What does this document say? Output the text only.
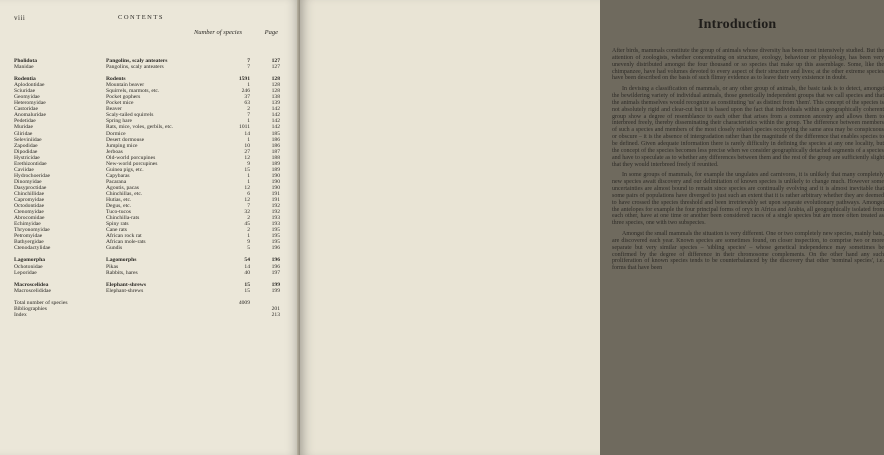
viii	CONTENTS
Number of species	Page
Pholidota	Pangolins, scaly anteaters	7	127
Manidae	Pangolins, scaly anteaters	7	127
Rodentia	Rodents	1591	128
Aplodontidae	Mountain beaver	1	128
Sciuridae	Squirrels, marmots, etc.	246	128
Geomyidae	Pocket gophers	37	138
Heteromyidae	Pocket mice	63	139
Castoridae	Beaver	2	142
Anomaluridae	Scaly-tailed squirrels	7	142
Pedetidae	Spring hare	1	142
Muridae	Rats, mice, voles, gerbils, etc.	1011	142
Gliridae	Dormice	14	185
Seleviniidae	Desert dormouse	1	186
Zapodidae	Jumping mice	10	186
Dipodidae	Jerboas	27	187
Hystricidae	Old-world porcupines	12	188
Erethizontidae	New-world porcupines	9	189
Caviidae	Guinea pigs, etc.	15	189
Hydrochoeridae	Capybaras	1	190
Dinomyidae	Pacarana	1	190
Dasyproctidae	Agoutis, pacas	12	190
Chinchillidae	Chinchillas, etc.	6	191
Capromyidae	Hutias, etc.	12	191
Octodontidae	Degus, etc.	7	192
Ctenomyidae	Tuco-tucos	32	192
Abrocomidae	Chinchilla-rats	2	193
Echimyidae	Spiny rats	45	193
Thryonomyidae	Cane rats	2	195
Petromyidae	African rock rat	1	195
Bathyergidae	African mole-rats	9	195
Ctenodactylidae	Gundis	5	196
Lagomorpha	Lagomorphs	54	196
Ochotonidae	Pikas	14	196
Leporidae	Rabbits, hares	40	197
Macroscelidea	Elephant-shrews	15	199
Macroscelididae	Elephant-shrews	15	199
Total number of species	4009
Bibliographies	201
Index	213
Introduction

After birds, mammals constitute the group of animals whose diversity has been most intensively studied. But the attention of zoologists, whether concentrating on structure, ecology, behaviour or physiology, has been very unevenly distributed amongst the four thousand or so species that make up this assemblage. Some, like the chimpanzee, have had volumes devoted to every aspect of their structure and lives; at the other extreme species have been described on the basis of such flimsy evidence as to leave their very existence in doubt.

In devising a classification of mammals, or any other group of animals, the basic task is to detect, amongst the bewildering variety of individual animals, those genetically independent groups that we call species and that the animals themselves would recognize as constituting 'us' as distinct from 'them'. This concept of the species is not absolutely rigid and clear-cut but it is based upon the fact that individuals within a geographically coherent group show a degree of resemblance to each other that arises from a common ancestry and allows them to interbreed freely, thereby disseminating their characteristics within the group. The difference between members of such a species and members of the most closely related species occupying the same area may be conspicuous or obscure – it is the absence of intergradation rather than the magnitude of the difference that enables species to be defined. Given adequate information there is rarely difficulty in defining the species at any one locality, but the concept of the species becomes less precise when we consider geographically detached segments of a species and have to speculate as to whether any differences between them and the rest of the group are sufficiently slight that they would interbreed freely if reunited.

In some groups of mammals, for example the ungulates and carnivores, it is unlikely that many completely new species await discovery and our delimitation of known species is unlikely to change much. However some uncertainties are almost bound to remain since species are continually evolving and it is almost inevitable that some pairs of populations have diverged to just such an extent that it is rather arbitrary whether they are deemed to have crossed the species threshold and been irretrievably set upon separate evolutionary pathways. Amongst the antelopes for example the four principal forms of oryx in Africa and Arabia, all geographically isolated from each other, have at one time or another been considered races of a single species but are more often treated as three species, one with two subspecies.

Amongst the small mammals the situation is very different. One or two completely new species, mainly bats, are discovered each year. Known species are sometimes found, on closer inspection, to comprise two or more separate but very similar species – 'sibling species' – whose genetical independence may sometimes be confirmed by the degree of difference in their chromosome complements. On the other hand any such proliferation of known species tends to be counterbalanced by the discovery that other 'nominal species', i.e. forms that have been
